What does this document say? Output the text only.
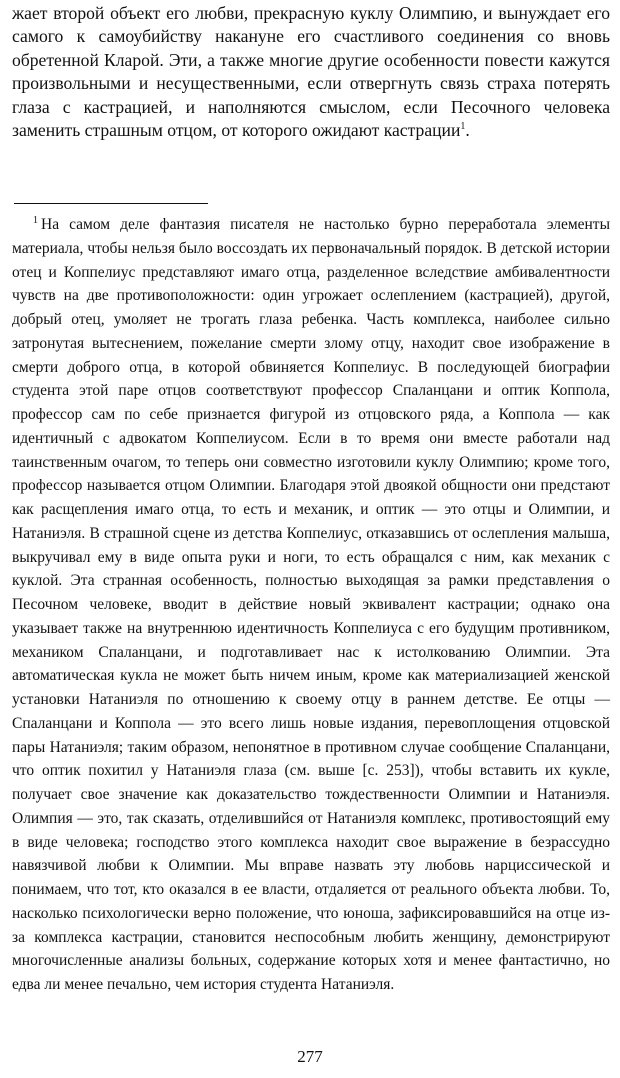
жает второй объект его любви, прекрасную куклу Олимпию, и вынуждает его самого к самоубийству накануне его счастливого соединения со вновь обретенной Кларой. Эти, а также многие другие особенности повести кажутся произвольными и несущественными, если отвергнуть связь страха потерять глаза с кастрацией, и наполняются смыслом, если Песочного человека заменить страшным отцом, от которого ожидают кастрации$^1$.

$^1$ На самом деле фантазия писателя не настолько бурно переработала элементы материала, чтобы нельзя было воссоздать их первоначальный порядок. В детской истории отец и Коппелиус представляют имаго отца, разделенное вследствие амбивалентности чувств на две противоположности: один угрожает ослеплением (кастрацией), другой, добрый отец, умоляет не трогать глаза ребенка. Часть комплекса, наиболее сильно затронутая вытеснением, пожелание смерти злому отцу, находит свое изображение в смерти доброго отца, в которой обвиняется Коппелиус. В последующей биографии студента этой паре отцов соответствуют профессор Спаланцани и оптик Коппола, профессор сам по себе признается фигурой из отцовского ряда, а Коппола — как идентичный с адвокатом Коппелиусом. Если в то время они вместе работали над таинственным очагом, то теперь они совместно изготовили куклу Олимпию; кроме того, профессор называется отцом Олимпии. Благодаря этой двоякой общности они предстают как расщепления имаго отца, то есть и механик, и оптик — это отцы и Олимпии, и Натаниэля. В страшной сцене из детства Коппелиус, отказавшись от ослепления малыша, выкручивал ему в виде опыта руки и ноги, то есть обращался с ним, как механик с куклой. Эта странная особенность, полностью выходящая за рамки представления о Песочном человеке, вводит в действие новый эквивалент кастрации; однако она указывает также на внутреннюю идентичность Коппелиуса с его будущим противником, механиком Спаланцани, и подготавливает нас к истолкованию Олимпии. Эта автоматическая кукла не может быть ничем иным, кроме как материализацией женской установки Натаниэля по отношению к своему отцу в раннем детстве. Ее отцы — Спаланцани и Коппола — это всего лишь новые издания, перевоплощения отцовской пары Натаниэля; таким образом, непонятное в противном случае сообщение Спаланцани, что оптик похитил у Натаниэля глаза (см. выше [с. 253]), чтобы вставить их кукле, получает свое значение как доказательство тождественности Олимпии и Натаниэля. Олимпия — это, так сказать, отделившийся от Натаниэля комплекс, противостоящий ему в виде человека; господство этого комплекса находит свое выражение в безрассудно навязчивой любви к Олимпии. Мы вправе назвать эту любовь нарциссической и понимаем, что тот, кто оказался в ее власти, отдаляется от реального объекта любви. То, насколько психологически верно положение, что юноша, зафиксировавшийся на отце из-за комплекса кастрации, становится неспособным любить женщину, демонстрируют многочисленные анализы больных, содержание которых хотя и менее фантастично, но едва ли менее печально, чем история студента Натаниэля.

277
